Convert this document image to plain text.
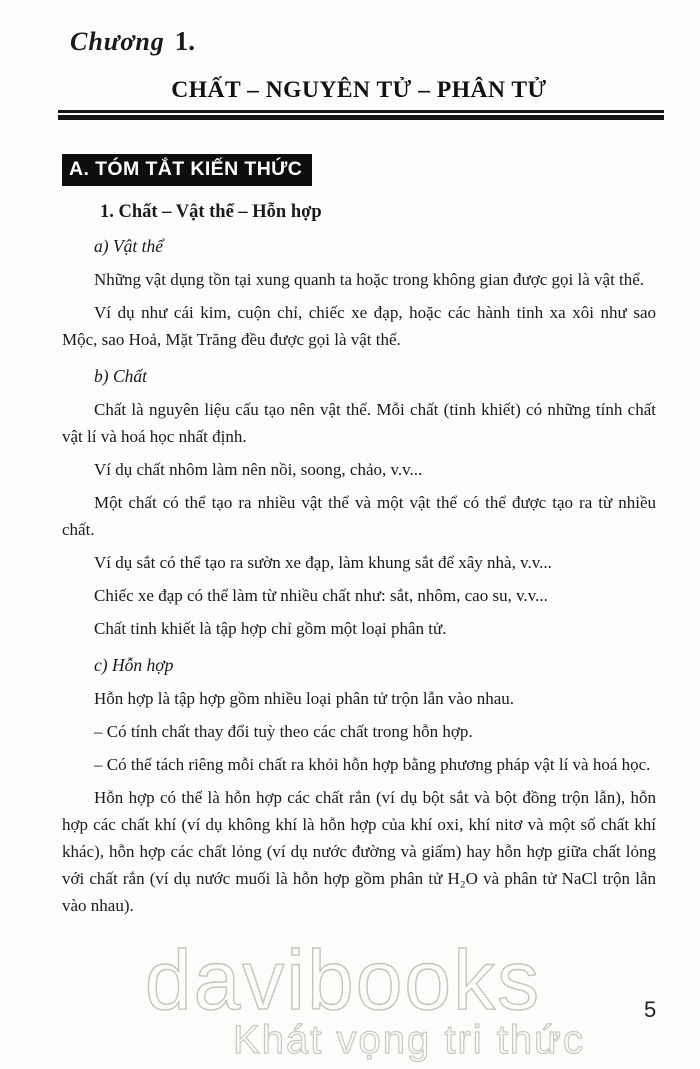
Chương 1.
CHẤT – NGUYÊN TỬ – PHÂN TỬ
A. TÓM TẮT KIẾN THỨC
1. Chất – Vật thể – Hỗn hợp
a) Vật thể

Những vật dụng tồn tại xung quanh ta hoặc trong không gian được gọi là vật thể.

Ví dụ như cái kim, cuộn chỉ, chiếc xe đạp, hoặc các hành tinh xa xôi như sao Mộc, sao Hoả, Mặt Trăng đều được gọi là vật thể.

b) Chất

Chất là nguyên liệu cấu tạo nên vật thể. Mỗi chất (tinh khiết) có những tính chất vật lí và hoá học nhất định.

Ví dụ chất nhôm làm nên nồi, soong, chảo, v.v...

Một chất có thể tạo ra nhiều vật thể và một vật thể có thể được tạo ra từ nhiều chất.

Ví dụ sắt có thể tạo ra sườn xe đạp, làm khung sắt để xây nhà, v.v...

Chiếc xe đạp có thể làm từ nhiều chất như: sắt, nhôm, cao su, v.v...

Chất tinh khiết là tập hợp chỉ gồm một loại phân tử.

c) Hỗn hợp

Hỗn hợp là tập hợp gồm nhiều loại phân tử trộn lẫn vào nhau.

– Có tính chất thay đổi tuỳ theo các chất trong hỗn hợp.

– Có thể tách riêng mỗi chất ra khỏi hỗn hợp bằng phương pháp vật lí và hoá học.

Hỗn hợp có thể là hỗn hợp các chất rắn (ví dụ bột sắt và bột đồng trộn lẫn), hỗn hợp các chất khí (ví dụ không khí là hỗn hợp của khí oxi, khí nitơ và một số chất khí khác), hỗn hợp các chất lỏng (ví dụ nước đường và giấm) hay hỗn hợp giữa chất lỏng với chất rắn (ví dụ nước muối là hỗn hợp gồm phân tử H₂O và phân tử NaCl trộn lẫn vào nhau).

davibooks
Khát vọng tri thức
5
